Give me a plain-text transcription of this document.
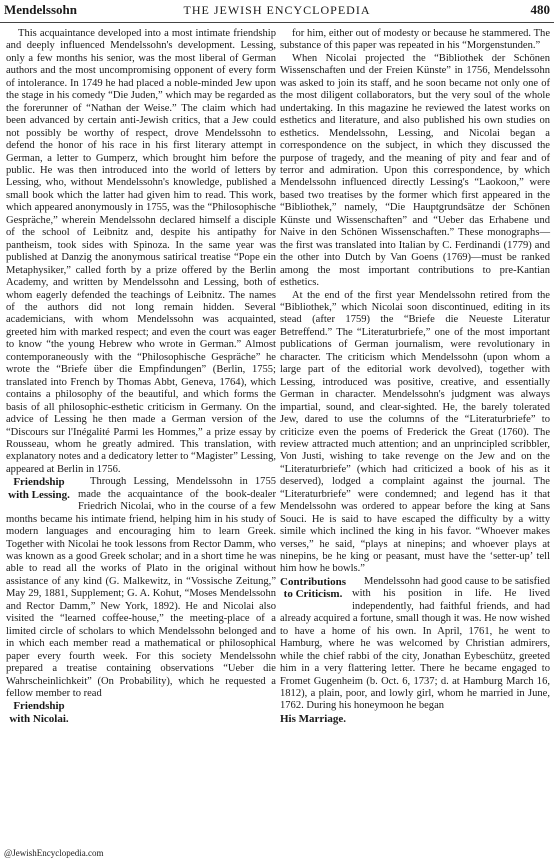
Mendelssohn	THE JEWISH ENCYCLOPEDIA	480

This acquaintance developed into a most intimate friendship and deeply influenced Mendelssohn's development. Lessing, only a few months his senior, was the most liberal of German authors and the most uncompromising opponent of every form of intolerance. In 1749 he had placed a noble-minded Jew upon the stage in his comedy “Die Juden,” which may be regarded as the forerunner of “Nathan der Weise.” The claim which had been advanced by certain anti-Jewish critics, that a Jew could not possibly be worthy of respect, drove Mendelssohn to defend the honor of his race in his first literary attempt in German, a letter to Gumperz, which brought him before the public. He was then introduced into the world of letters by Lessing, who, without Mendelssohn's knowledge, published a small book which the latter had given him to read. This work, which appeared anonymously in 1755, was the “Philosophische Gespräche,” wherein Mendelssohn declared himself a disciple of the school of Leibnitz and, despite his antipathy for pantheism, took sides with Spinoza. In the same year was published at Danzig the anonymous satirical treatise “Pope ein Metaphysiker,” called forth by a prize offered by the Berlin Academy, and written by Mendelssohn and Lessing, both of whom eagerly defended the teachings of Leibnitz. The names of the authors did not long remain hidden. Several academicians, with whom Mendelssohn was acquainted, greeted him with marked respect; and even the court was eager to know “the young Hebrew who wrote in German.” Almost contemporaneously with the “Philosophische Gespräche” he wrote the “Briefe über die Empfindungen” (Berlin, 1755; translated into French by Thomas Abbt, Geneva, 1764), which contains a philosophy of the beautiful, and which forms the basis of all philosophic-esthetic criticism in Germany. On the advice of Lessing he then made a German version of the “Discours sur l'Inégalité Parmi les Hommes,” a prize essay by Rousseau, whom he greatly admired. This translation, with explanatory notes and a dedicatory letter to “Magister” Lessing, appeared at Berlin in 1756.

Friendship with Lessing.
Through Lessing, Mendelssohn in 1755 made the acquaintance of the book-dealer Friedrich Nicolai, who in the course of a few months became his intimate friend, helping him in his study of modern languages and encouraging him to learn Greek. Together with Nicolai he took lessons from Rector Damm, who was known as a good Greek scholar; and in a short time he was able to read all the works of Plato in the original without assistance of any kind (G. Malkewitz, in “Vossische Zeitung,” May 29, 1881, Supplement; G. A. Kohut, “Moses Mendelssohn and Rector Damm,” New York, 1892). He and Nicolai also visited the “learned coffee-house,” the meeting-place of a limited circle of scholars to which Mendelssohn belonged and in which each member read a mathematical or philosophical paper every fourth week. For this society Mendelssohn prepared a treatise containing observations “Ueber die Wahrscheinlichkeit” (On Probability), which he requested a fellow member to read

Friendship with Nicolai.

for him, either out of modesty or because he stammered. The substance of this paper was repeated in his “Morgenstunden.”

When Nicolai projected the “Bibliothek der Schönen Wissenschaften und der Freien Künste” in 1756, Mendelssohn was asked to join its staff, and he soon became not only one of the most diligent collaborators, but the very soul of the whole undertaking. In this magazine he reviewed the latest works on esthetics and literature, and also published his own studies on esthetics. Mendelssohn, Lessing, and Nicolai began a correspondence on the subject, in which they discussed the purpose of tragedy, and the meaning of pity and fear and of terror and admiration. Upon this correspondence, by which Mendelssohn influenced directly Lessing's “Laokoon,” were based two treatises by the former which first appeared in the “Bibliothek,” namely, “Die Hauptgrundsätze der Schönen Künste und Wissenschaften” and “Ueber das Erhabene und Naive in den Schönen Wissenschaften.” These monographs—the first was translated into Italian by C. Ferdinandi (1779) and the other into Dutch by Van Goens (1769)—must be ranked among the most important contributions to pre-Kantian esthetics.

At the end of the first year Mendelssohn retired from the “Bibliothek,” which Nicolai soon discontinued, editing in its stead (after 1759) the “Briefe die Neueste Literatur Betreffend.” The “Literaturbriefe,” one of the most important publications of German journalism, were revolutionary in character. The criticism which Mendelssohn (upon whom a large part of the editorial work devolved), together with Lessing, introduced was positive, creative, and essentially German in character. Mendelssohn's judgment was always impartial, sound, and clear-sighted. He, the barely tolerated Jew, dared to use the columns of the “Literaturbriefe” to criticize even the poems of Frederick the Great (1760). The review attracted much attention; and an unprincipled scribbler, Von Justi, wishing to take revenge on the Jew and on the “Literaturbriefe” (which had criticized a book of his as it deserved), lodged a complaint against the journal. The “Literaturbriefe” were condemned; and legend has it that Mendelssohn was ordered to appear before the king at Sans Souci. He is said to have escaped the difficulty by a witty simile which inclined the king in his favor. “Whoever makes verses,” he said, “plays at ninepins; and whoever plays at ninepins, be he king or peasant, must have the ‘setter-up’ tell him how he bowls.”

Contributions to Criticism.
Mendelssohn had good cause to be satisfied with his position in life. He lived independently, had faithful friends, and had already acquired a fortune, small though it was. He now wished to have a home of his own. In April, 1761, he went to Hamburg, where he was welcomed by Christian admirers, while the chief rabbi of the city, Jonathan Eybeschütz, greeted him in a very flattering letter. There he became engaged to Fromet Gugenheim (b. Oct. 6, 1737; d. at Hamburg March 16, 1812), a plain, poor, and lowly girl, whom he married in June, 1762. During his honeymoon he began

His Marriage.

@JewishEncyclopedia.com
